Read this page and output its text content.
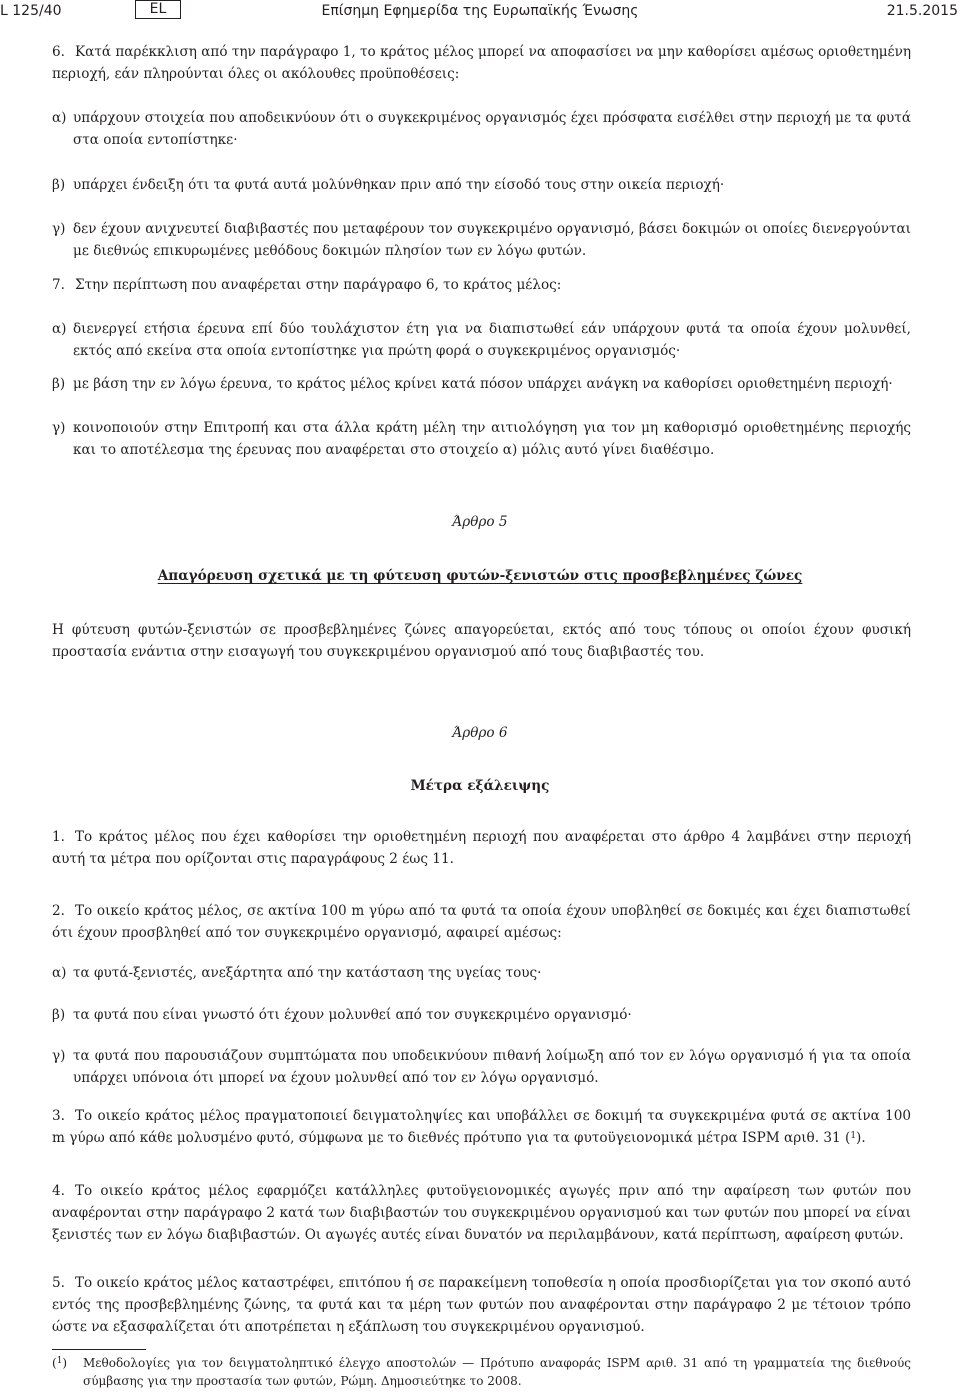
L 125/40	EL	Επίσημη Εφημερίδα της Ευρωπαϊκής Ένωσης	21.5.2015
6. Κατά παρέκκλιση από την παράγραφο 1, το κράτος μέλος μπορεί να αποφασίσει να μην καθορίσει αμέσως οριοθετημένη περιοχή, εάν πληρούνται όλες οι ακόλουθες προϋποθέσεις:
α) υπάρχουν στοιχεία που αποδεικνύουν ότι ο συγκεκριμένος οργανισμός έχει πρόσφατα εισέλθει στην περιοχή με τα φυτά στα οποία εντοπίστηκε·
β) υπάρχει ένδειξη ότι τα φυτά αυτά μολύνθηκαν πριν από την είσοδό τους στην οικεία περιοχή·
γ) δεν έχουν ανιχνευτεί διαβιβαστές που μεταφέρουν τον συγκεκριμένο οργανισμό, βάσει δοκιμών οι οποίες διενεργούνται με διεθνώς επικυρωμένες μεθόδους δοκιμών πλησίον των εν λόγω φυτών.
7. Στην περίπτωση που αναφέρεται στην παράγραφο 6, το κράτος μέλος:
α) διενεργεί ετήσια έρευνα επί δύο τουλάχιστον έτη για να διαπιστωθεί εάν υπάρχουν φυτά τα οποία έχουν μολυνθεί, εκτός από εκείνα στα οποία εντοπίστηκε για πρώτη φορά ο συγκεκριμένος οργανισμός·
β) με βάση την εν λόγω έρευνα, το κράτος μέλος κρίνει κατά πόσον υπάρχει ανάγκη να καθορίσει οριοθετημένη περιοχή·
γ) κοινοποιούν στην Επιτροπή και στα άλλα κράτη μέλη την αιτιολόγηση για τον μη καθορισμό οριοθετημένης περιοχής και το αποτέλεσμα της έρευνας που αναφέρεται στο στοιχείο α) μόλις αυτό γίνει διαθέσιμο.
Άρθρο 5
Απαγόρευση σχετικά με τη φύτευση φυτών-ξενιστών στις προσβεβλημένες ζώνες
Η φύτευση φυτών-ξενιστών σε προσβεβλημένες ζώνες απαγορεύεται, εκτός από τους τόπους οι οποίοι έχουν φυσική προστασία ενάντια στην εισαγωγή του συγκεκριμένου οργανισμού από τους διαβιβαστές του.
Άρθρο 6
Μέτρα εξάλειψης
1. Το κράτος μέλος που έχει καθορίσει την οριοθετημένη περιοχή που αναφέρεται στο άρθρο 4 λαμβάνει στην περιοχή αυτή τα μέτρα που ορίζονται στις παραγράφους 2 έως 11.
2. Το οικείο κράτος μέλος, σε ακτίνα 100 m γύρω από τα φυτά τα οποία έχουν υποβληθεί σε δοκιμές και έχει διαπιστωθεί ότι έχουν προσβληθεί από τον συγκεκριμένο οργανισμό, αφαιρεί αμέσως:
α) τα φυτά-ξενιστές, ανεξάρτητα από την κατάσταση της υγείας τους·
β) τα φυτά που είναι γνωστό ότι έχουν μολυνθεί από τον συγκεκριμένο οργανισμό·
γ) τα φυτά που παρουσιάζουν συμπτώματα που υποδεικνύουν πιθανή λοίμωξη από τον εν λόγω οργανισμό ή για τα οποία υπάρχει υπόνοια ότι μπορεί να έχουν μολυνθεί από τον εν λόγω οργανισμό.
3. Το οικείο κράτος μέλος πραγματοποιεί δειγματοληψίες και υποβάλλει σε δοκιμή τα συγκεκριμένα φυτά σε ακτίνα 100 m γύρω από κάθε μολυσμένο φυτό, σύμφωνα με το διεθνές πρότυπο για τα φυτοϋγειονομικά μέτρα ISPM αριθ. 31 ($^1$).
4. Το οικείο κράτος μέλος εφαρμόζει κατάλληλες φυτοϋγειονομικές αγωγές πριν από την αφαίρεση των φυτών που αναφέρονται στην παράγραφο 2 κατά των διαβιβαστών του συγκεκριμένου οργανισμού και των φυτών που μπορεί να είναι ξενιστές των εν λόγω διαβιβαστών. Οι αγωγές αυτές είναι δυνατόν να περιλαμβάνουν, κατά περίπτωση, αφαίρεση φυτών.
5. Το οικείο κράτος μέλος καταστρέφει, επιτόπου ή σε παρακείμενη τοποθεσία η οποία προσδιορίζεται για τον σκοπό αυτό εντός της προσβεβλημένης ζώνης, τα φυτά και τα μέρη των φυτών που αναφέρονται στην παράγραφο 2 με τέτοιον τρόπο ώστε να εξασφαλίζεται ότι αποτρέπεται η εξάπλωση του συγκεκριμένου οργανισμού.
($^1$) Μεθοδολογίες για τον δειγματοληπτικό έλεγχο αποστολών — Πρότυπο αναφοράς ISPM αριθ. 31 από τη γραμματεία της διεθνούς σύμβασης για την προστασία των φυτών, Ρώμη. Δημοσιεύτηκε το 2008.
